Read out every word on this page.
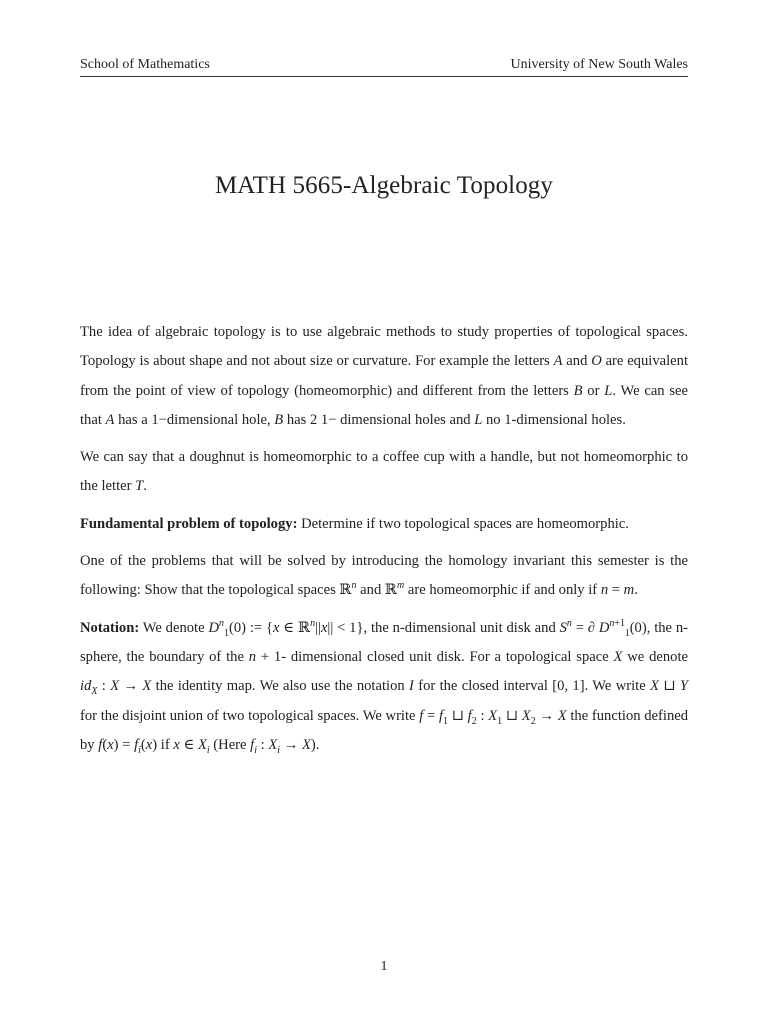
School of Mathematics	University of New South Wales
MATH 5665-Algebraic Topology

The idea of algebraic topology is to use algebraic methods to study properties of topological spaces. Topology is about shape and not about size or curvature. For example the letters A and O are equivalent from the point of view of topology (homeomorphic) and different from the letters B or L. We can see that A has a 1−dimensional hole, B has 2 1− dimensional holes and L no 1-dimensional holes.

We can say that a doughnut is homeomorphic to a coffee cup with a handle, but not homeomorphic to the letter T.

Fundamental problem of topology: Determine if two topological spaces are homeomorphic.

One of the problems that will be solved by introducing the homology invariant this semester is the following: Show that the topological spaces ℝ$^n$ and ℝ$^m$ are homeomorphic if and only if n = m.

Notation: We denote $D^n_1(0)$ := {x ∈ ℝ$^n$||x|| < 1}, the n-dimensional unit disk and $S^n$ = ∂ $D^{n+1}_1(0)$, the n-sphere, the boundary of the n + 1- dimensional closed unit disk. For a topological space X we denote $id_X$ : X → X the identity map. We also use the notation I for the closed interval [0, 1]. We write X ⊔ Y for the disjoint union of two topological spaces. We write $f = f_1$ ⊔ $f_2$ : $X_1$ ⊔ $X_2 \to X$ the function defined by $f(x) = f_i(x)$ if x ∈ $X_i$ (Here $f_i$ : $X_i \to X$).

1
